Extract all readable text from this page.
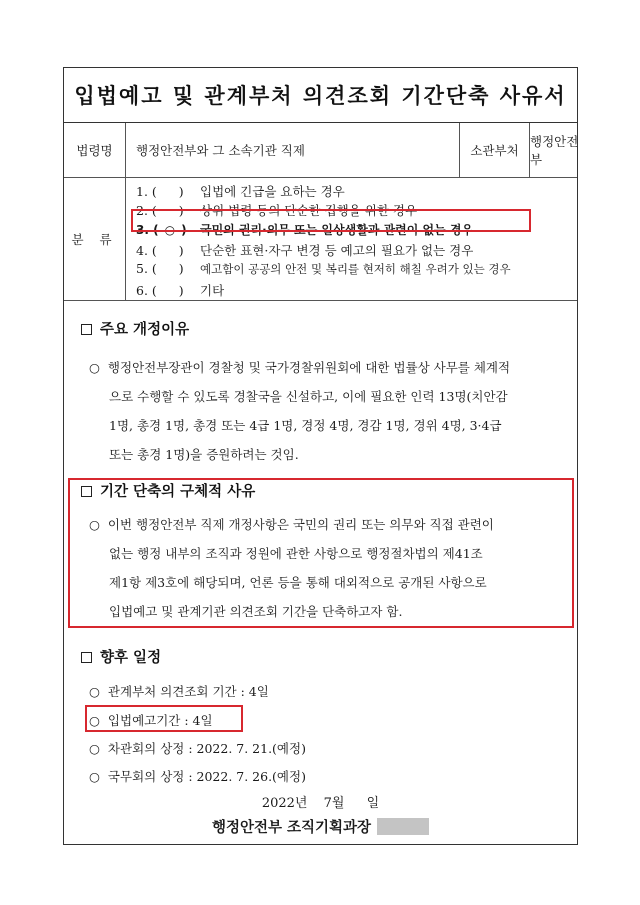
입법예고 및 관계부처 의견조회 기간단축 사유서
법령명	행정안전부와 그 소속기관 직제	소관부처
행정안전부
분 류
1. ( ) 입법에 긴급을 요하는 경우
2. ( ) 상위 법령 등의 단순한 집행을 위한 경우
3. ( ○ ) 국민의 권리·의무 또는 일상생활과 관련이 없는 경우
4. ( ) 단순한 표현·자구 변경 등 예고의 필요가 없는 경우
5. ( ) 예고함이 공공의 안전 및 복리를 현저히 해칠 우려가 있는 경우
6. ( ) 기타
주요 개정이유
○ 행정안전부장관이 경찰청 및 국가경찰위원회에 대한 법률상 사무를 체계적
으로 수행할 수 있도록 경찰국을 신설하고, 이에 필요한 인력 13명(치안감
1명, 총경 1명, 총경 또는 4급 1명, 경정 4명, 경감 1명, 경위 4명, 3·4급
또는 총경 1명)을 증원하려는 것임.
기간 단축의 구체적 사유
○ 이번 행정안전부 직제 개정사항은 국민의 권리 또는 의무와 직접 관련이
없는 행정 내부의 조직과 정원에 관한 사항으로 행정절차법의 제41조
제1항 제3호에 해당되며, 언론 등을 통해 대외적으로 공개된 사항으로
입법예고 및 관계기관 의견조회 기간을 단축하고자 함.
향후 일정
○ 관계부처 의견조회 기간 : 4일
○ 입법예고기간 : 4일
○ 차관회의 상정 : 2022. 7. 21.(예정)
○ 국무회의 상정 : 2022. 7. 26.(예정)
2022년 7월 일
행정안전부 조직기획과장
